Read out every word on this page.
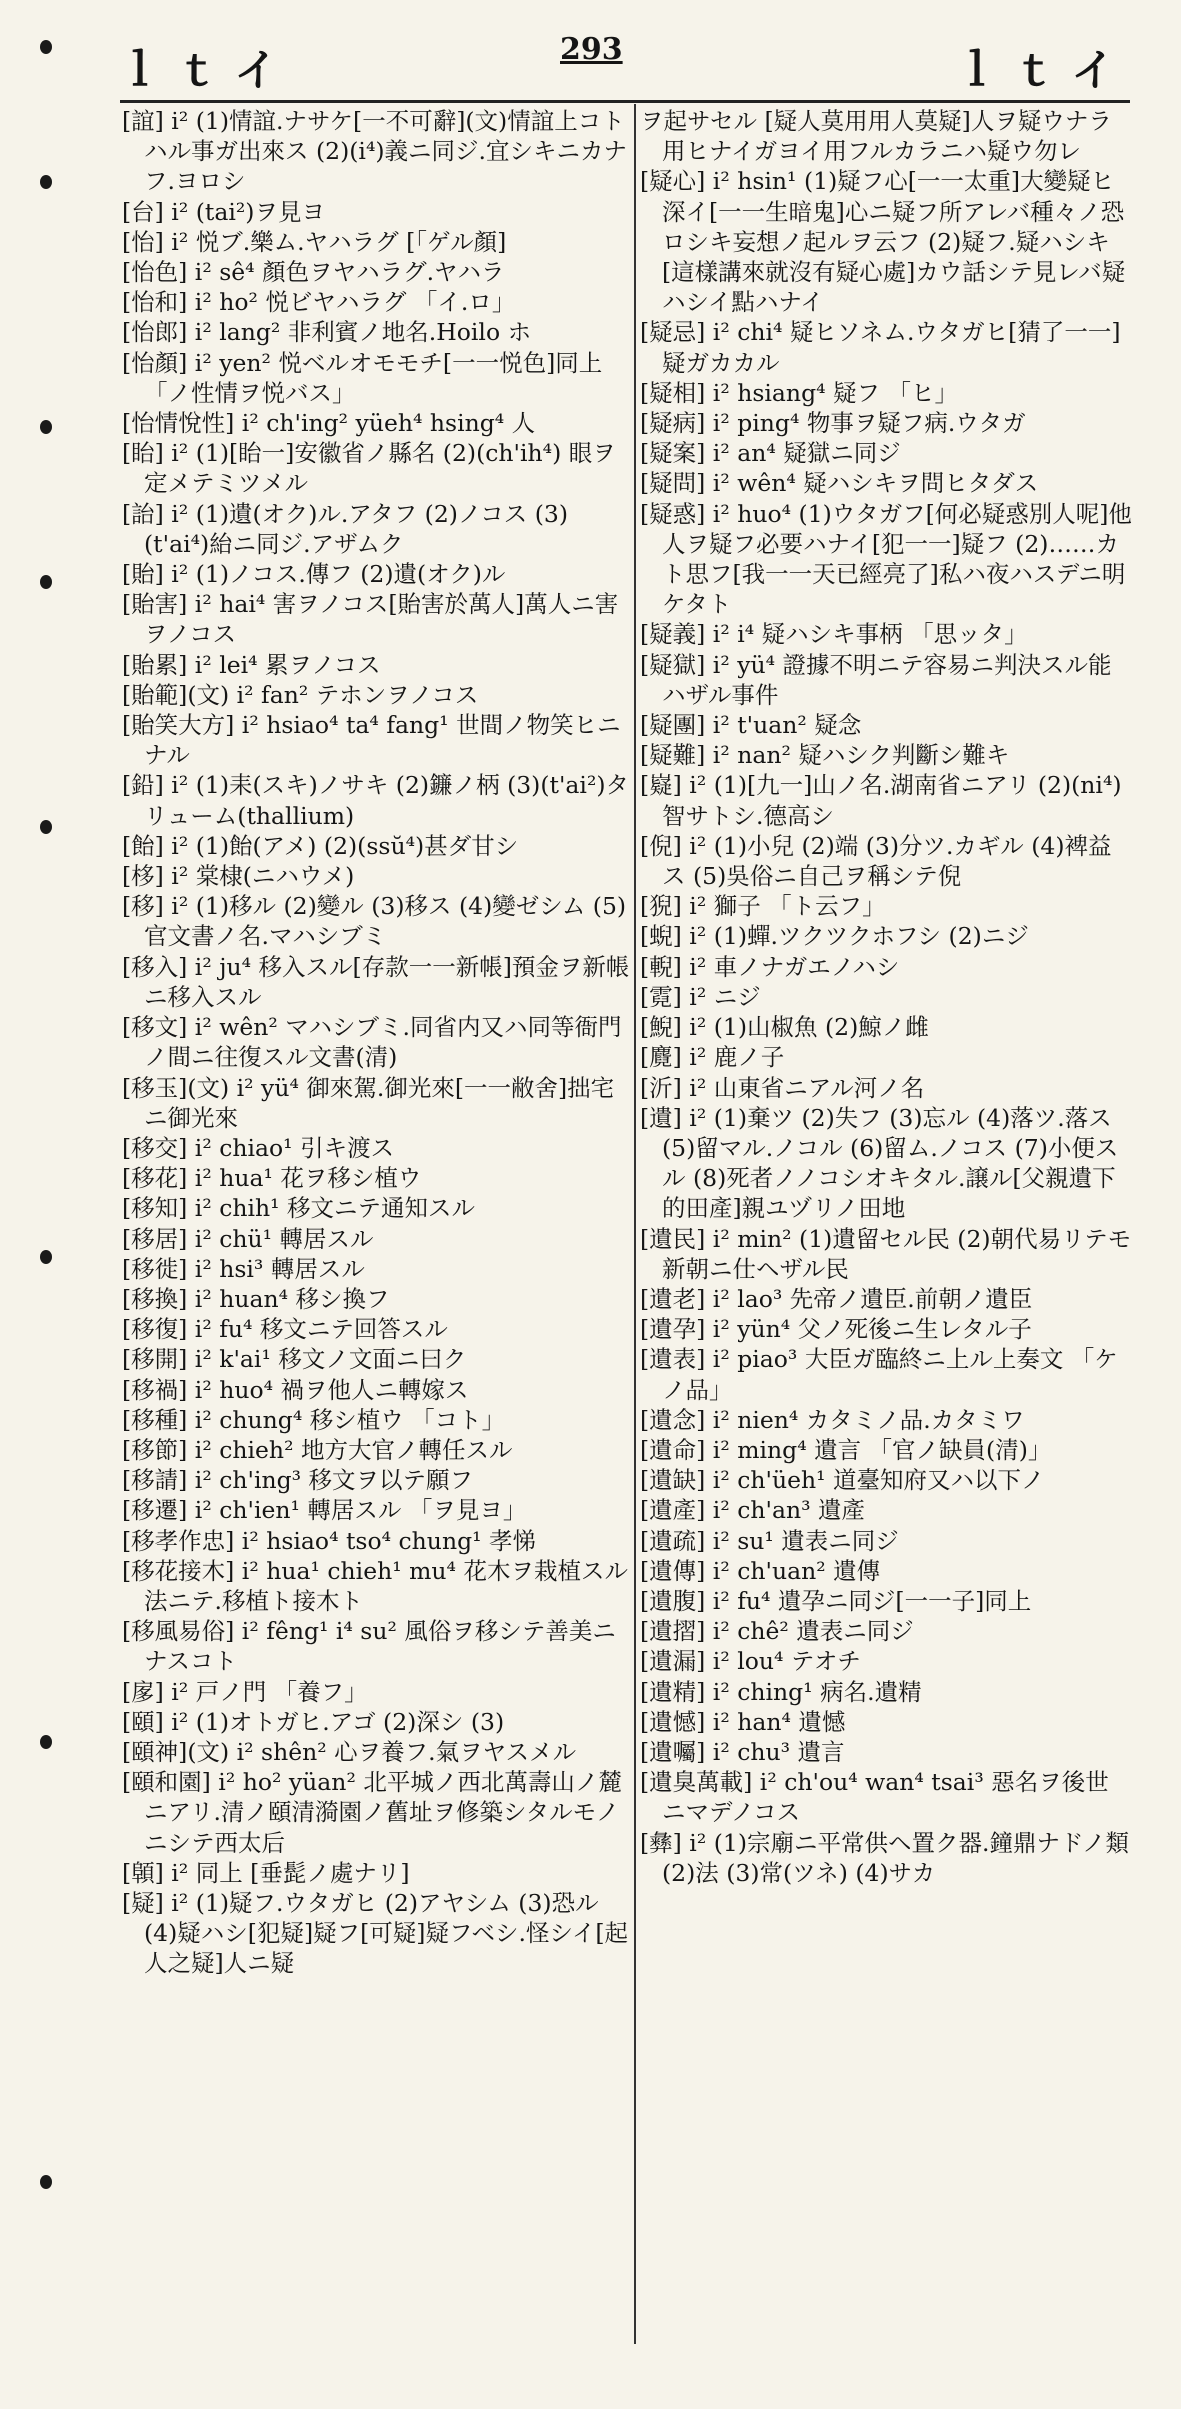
ｌｔイ	293	ｌｔイ

[誼] i² (1)情誼.ナサケ[一不可辭](文)情誼上コトハル事ガ出來ス (2)(i⁴)義ニ同ジ.宜シキニカナフ.ヨロシ

[台] i² (tai²)ヲ見ヨ

[怡] i² 悦ブ.樂ム.ヤハラグ [「ゲル顏]

[怡色] i² sê⁴ 顏色ヲヤハラグ.ヤハラ

[怡和] i² ho² 悦ビヤハラグ 「イ.ロ」

[怡郎] i² lang² 非利賓ノ地名.Hoilo ホ

[怡顏] i² yen² 悦ベルオモモチ[一一悦色]同上 「ノ性情ヲ悦バス」

[怡情悅性] i² ch'ing² yüeh⁴ hsing⁴ 人

[眙] i² (1)[眙一]安徽省ノ縣名 (2)(ch'ih⁴) 眼ヲ定メテミツメル

[詒] i² (1)遺(オク)ル.アタフ (2)ノコス (3)(t'ai⁴)紿ニ同ジ.アザムク

[貽] i² (1)ノコス.傳フ (2)遺(オク)ル

[貽害] i² hai⁴ 害ヲノコス[貽害於萬人]萬人ニ害ヲノコス

[貽累] i² lei⁴ 累ヲノコス

[貽範](文) i² fan² テホンヲノコス

[貽笑大方] i² hsiao⁴ ta⁴ fang¹ 世間ノ物笑ヒニナル

[鉛] i² (1)耒(スキ)ノサキ (2)鐮ノ柄 (3)(t'ai²)タリューム(thallium)

[飴] i² (1)飴(アメ) (2)(ssŭ⁴)甚ダ甘シ

[栘] i² 棠棣(ニハウメ)

[移] i² (1)移ル (2)變ル (3)移ス (4)變ゼシム (5)官文書ノ名.マハシブミ

[移入] i² ju⁴ 移入スル[存款一一新帳]預金ヲ新帳ニ移入スル

[移文] i² wên² マハシブミ.同省内又ハ同等衙門ノ間ニ往復スル文書(清)

[移玉](文) i² yü⁴ 御來駕.御光來[一一敝舍]拙宅ニ御光來

[移交] i² chiao¹ 引キ渡ス

[移花] i² hua¹ 花ヲ移シ植ウ

[移知] i² chih¹ 移文ニテ通知スル

[移居] i² chü¹ 轉居スル

[移徙] i² hsi³ 轉居スル

[移換] i² huan⁴ 移シ換フ

[移復] i² fu⁴ 移文ニテ回答スル

[移開] i² k'ai¹ 移文ノ文面ニ曰ク

[移禍] i² huo⁴ 禍ヲ他人ニ轉嫁ス

[移種] i² chung⁴ 移シ植ウ 「コト」

[移節] i² chieh² 地方大官ノ轉任スル

[移請] i² ch'ing³ 移文ヲ以テ願フ

[移遷] i² ch'ien¹ 轉居スル 「ヲ見ヨ」

[移孝作忠] i² hsiao⁴ tso⁴ chung¹ 孝悌

[移花接木] i² hua¹ chieh¹ mu⁴ 花木ヲ栽植スル法ニテ.移植ト接木ト

[移風易俗] i² fêng¹ i⁴ su² 風俗ヲ移シテ善美ニナスコト

[扅] i² 戸ノ門 「養フ」

[頤] i² (1)オトガヒ.アゴ (2)深シ (3)

[頤神](文) i² shên² 心ヲ養フ.氣ヲヤスメル

[頤和園] i² ho² yüan² 北平城ノ西北萬壽山ノ麓ニアリ.清ノ頤清漪園ノ舊址ヲ修築シタルモノニシテ西太后

[顊] i² 同上 [垂髭ノ處ナリ]

[疑] i² (1)疑フ.ウタガヒ (2)アヤシム (3)恐ル (4)疑ハシ[犯疑]疑フ[可疑]疑フベシ.怪シイ[起人之疑]人ニ疑

ヲ起サセル [疑人莫用用人莫疑]人ヲ疑ウナラ用ヒナイガヨイ用フルカラニハ疑ウ勿レ

[疑心] i² hsin¹ (1)疑フ心[一一太重]大變疑ヒ深イ[一一生暗鬼]心ニ疑フ所アレバ種々ノ恐ロシキ妄想ノ起ルヲ云フ (2)疑フ.疑ハシキ[這樣講來就沒有疑心處]カウ話シテ見レバ疑ハシイ點ハナイ

[疑忌] i² chi⁴ 疑ヒソネム.ウタガヒ[猜了一一]疑ガカカル

[疑相] i² hsiang⁴ 疑フ 「ヒ」

[疑病] i² ping⁴ 物事ヲ疑フ病.ウタガ

[疑案] i² an⁴ 疑獄ニ同ジ

[疑問] i² wên⁴ 疑ハシキヲ問ヒタダス

[疑惑] i² huo⁴ (1)ウタガフ[何必疑惑別人呢]他人ヲ疑フ必要ハナイ[犯一一]疑フ (2)……カト思フ[我一一天已經亮了]私ハ夜ハスデニ明ケタト

[疑義] i² i⁴ 疑ハシキ事柄 「思ッタ」

[疑獄] i² yü⁴ 證據不明ニテ容易ニ判決スル能ハザル事件

[疑團] i² t'uan² 疑念

[疑難] i² nan² 疑ハシク判斷シ難キ

[嶷] i² (1)[九一]山ノ名.湖南省ニアリ (2)(ni⁴)智サトシ.德高シ

[倪] i² (1)小兒 (2)端 (3)分ツ.カギル (4)裨益ス (5)吳俗ニ自己ヲ稱シテ倪

[猊] i² 獅子 「ト云フ」

[蜺] i² (1)蟬.ツクツクホフシ (2)ニジ

[輗] i² 車ノナガエノハシ

[霓] i² ニジ

[鯢] i² (1)山椒魚 (2)鯨ノ雌

[麑] i² 鹿ノ子

[沂] i² 山東省ニアル河ノ名

[遺] i² (1)棄ツ (2)失フ (3)忘ル (4)落ツ.落ス (5)留マル.ノコル (6)留ム.ノコス (7)小便スル (8)死者ノノコシオキタル.譲ル[父親遺下的田產]親ユヅリノ田地

[遺民] i² min² (1)遺留セル民 (2)朝代易リテモ新朝ニ仕ヘザル民

[遺老] i² lao³ 先帝ノ遺臣.前朝ノ遺臣

[遺孕] i² yün⁴ 父ノ死後ニ生レタル子

[遺表] i² piao³ 大臣ガ臨終ニ上ル上奏文 「ケノ品」

[遺念] i² nien⁴ カタミノ品.カタミワ

[遺命] i² ming⁴ 遺言 「官ノ缺員(清)」

[遺缺] i² ch'üeh¹ 道臺知府又ハ以下ノ

[遺產] i² ch'an³ 遺產

[遺疏] i² su¹ 遺表ニ同ジ

[遺傳] i² ch'uan² 遺傳

[遺腹] i² fu⁴ 遺孕ニ同ジ[一一子]同上

[遺摺] i² chê² 遺表ニ同ジ

[遺漏] i² lou⁴ テオチ

[遺精] i² ching¹ 病名.遺精

[遺憾] i² han⁴ 遺憾

[遺囑] i² chu³ 遺言

[遺臭萬載] i² ch'ou⁴ wan⁴ tsai³ 惡名ヲ後世ニマデノコス

[彝] i² (1)宗廟ニ平常供ヘ置ク器.鐘鼎ナドノ類 (2)法 (3)常(ツネ) (4)サカ
